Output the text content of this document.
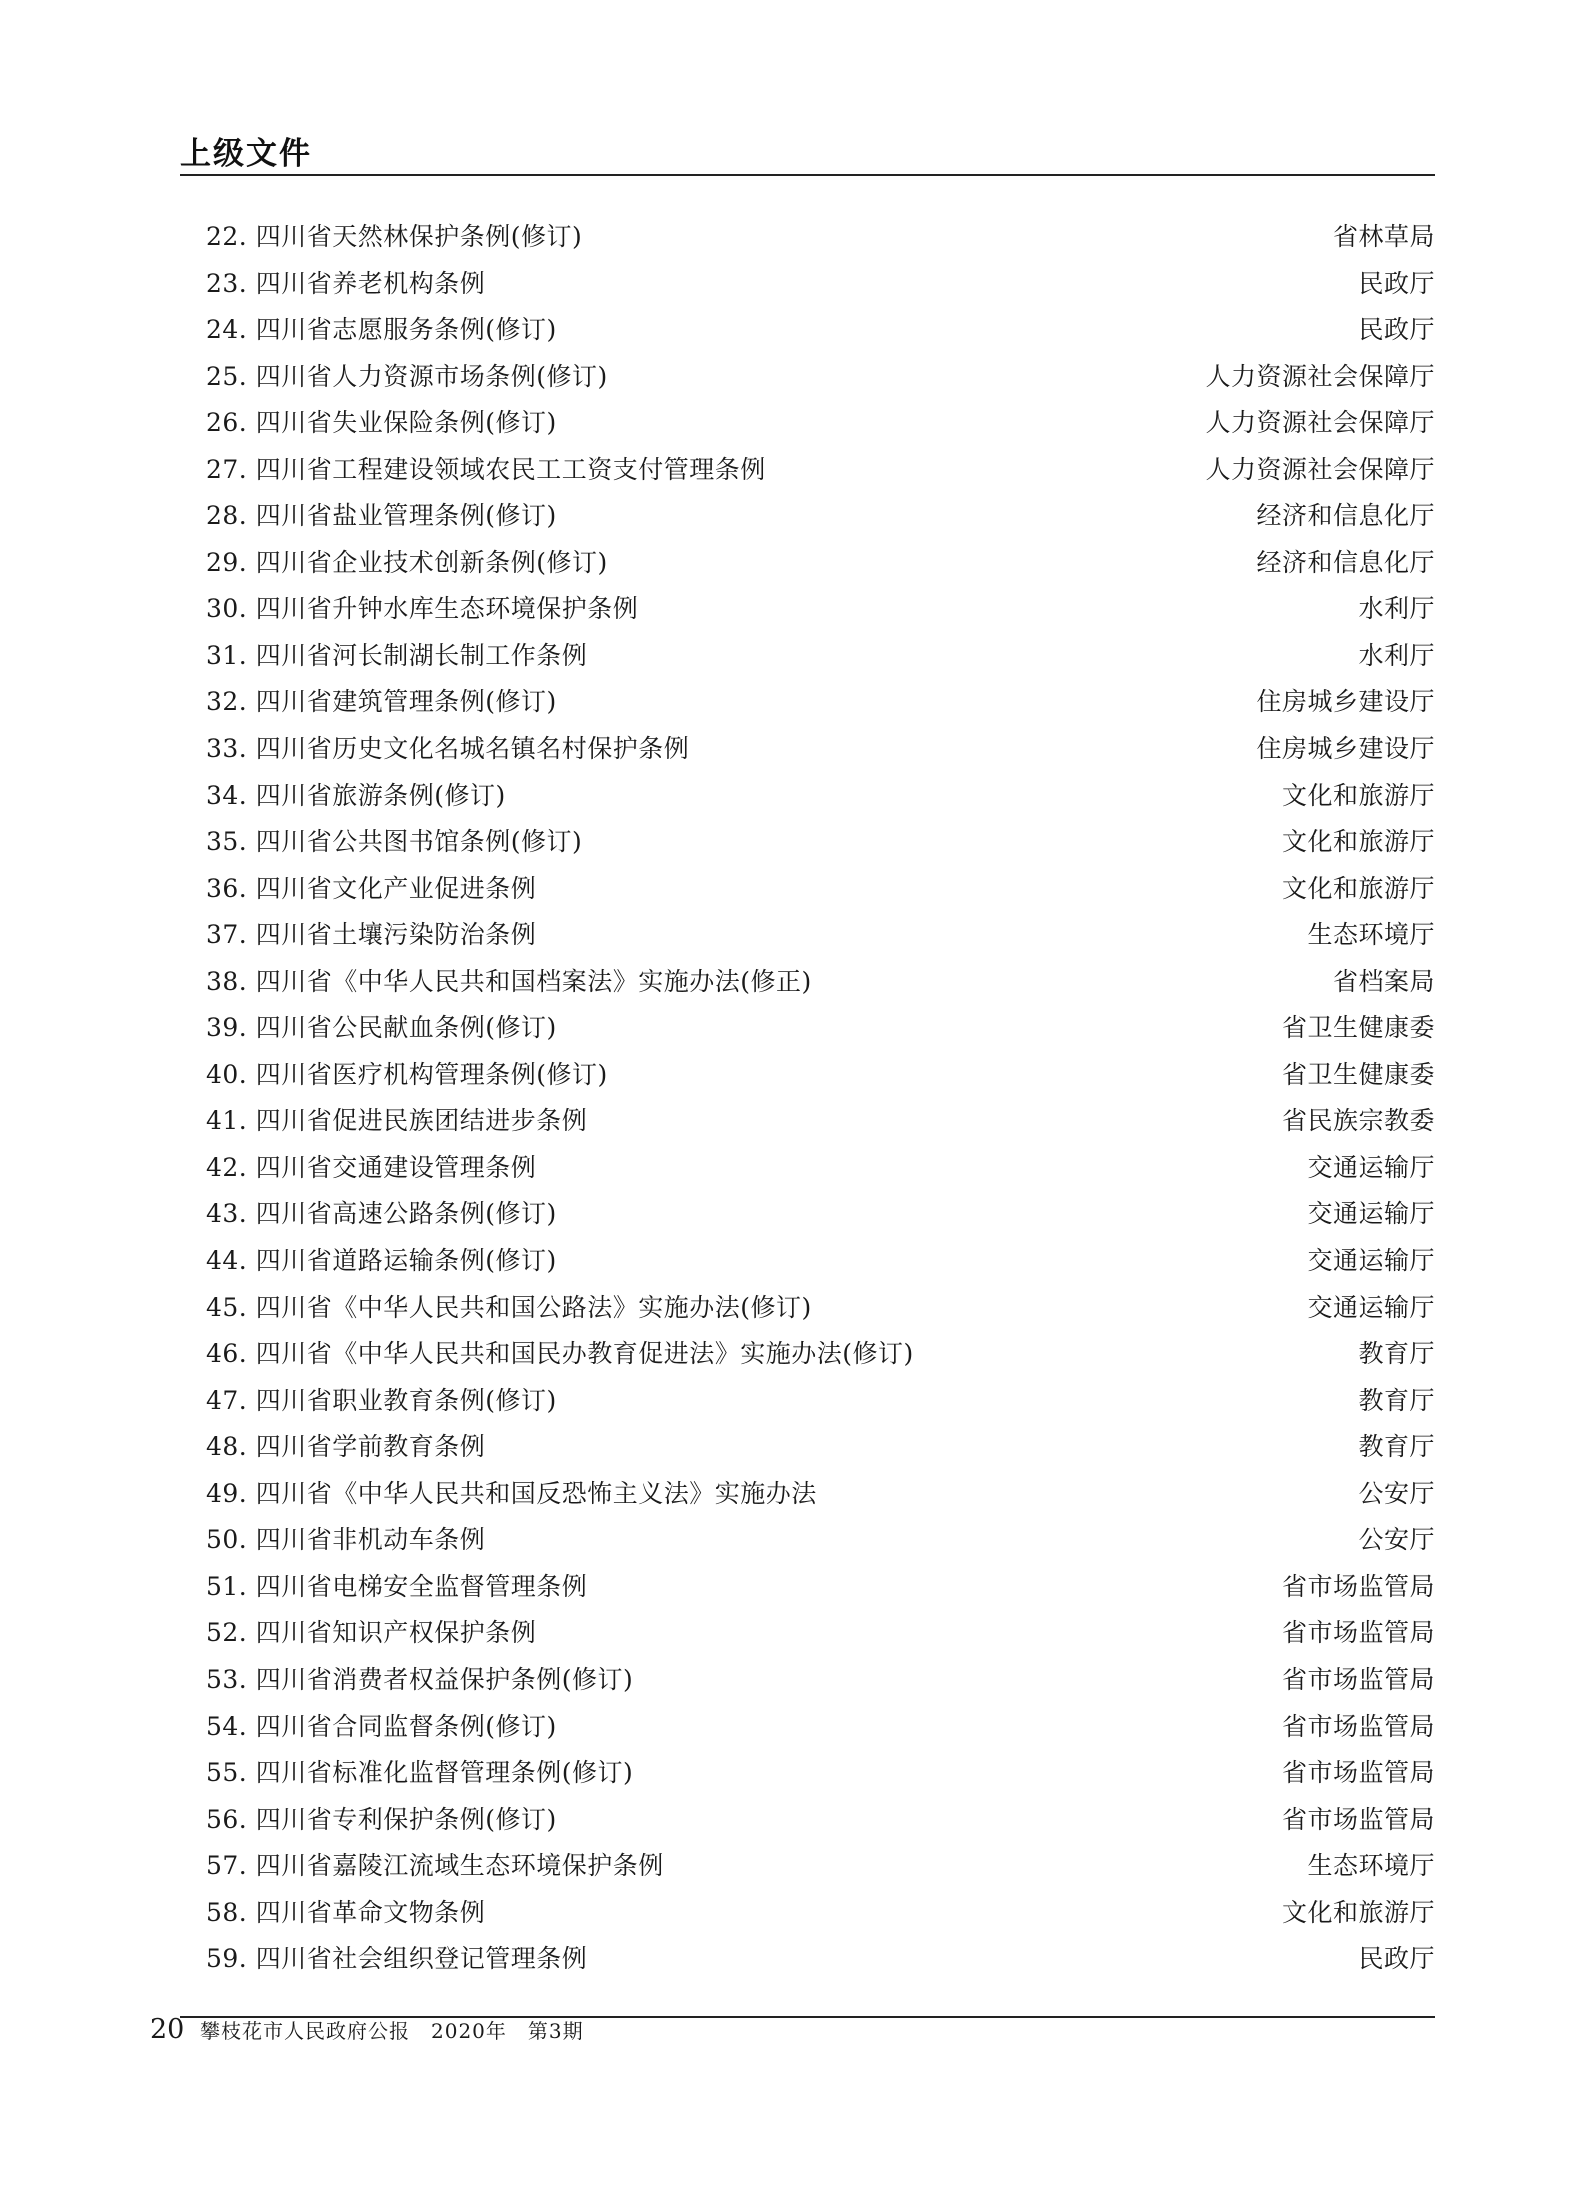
上级文件
22. 四川省天然林保护条例(修订)	省林草局
23. 四川省养老机构条例	民政厅
24. 四川省志愿服务条例(修订)	民政厅
25. 四川省人力资源市场条例(修订)	人力资源社会保障厅
26. 四川省失业保险条例(修订)	人力资源社会保障厅
27. 四川省工程建设领域农民工工资支付管理条例	人力资源社会保障厅
28. 四川省盐业管理条例(修订)	经济和信息化厅
29. 四川省企业技术创新条例(修订)	经济和信息化厅
30. 四川省升钟水库生态环境保护条例	水利厅
31. 四川省河长制湖长制工作条例	水利厅
32. 四川省建筑管理条例(修订)	住房城乡建设厅
33. 四川省历史文化名城名镇名村保护条例	住房城乡建设厅
34. 四川省旅游条例(修订)	文化和旅游厅
35. 四川省公共图书馆条例(修订)	文化和旅游厅
36. 四川省文化产业促进条例	文化和旅游厅
37. 四川省土壤污染防治条例	生态环境厅
38. 四川省《中华人民共和国档案法》实施办法(修正)	省档案局
39. 四川省公民献血条例(修订)	省卫生健康委
40. 四川省医疗机构管理条例(修订)	省卫生健康委
41. 四川省促进民族团结进步条例	省民族宗教委
42. 四川省交通建设管理条例	交通运输厅
43. 四川省高速公路条例(修订)	交通运输厅
44. 四川省道路运输条例(修订)	交通运输厅
45. 四川省《中华人民共和国公路法》实施办法(修订)	交通运输厅
46. 四川省《中华人民共和国民办教育促进法》实施办法(修订)	教育厅
47. 四川省职业教育条例(修订)	教育厅
48. 四川省学前教育条例	教育厅
49. 四川省《中华人民共和国反恐怖主义法》实施办法	公安厅
50. 四川省非机动车条例	公安厅
51. 四川省电梯安全监督管理条例	省市场监管局
52. 四川省知识产权保护条例	省市场监管局
53. 四川省消费者权益保护条例(修订)	省市场监管局
54. 四川省合同监督条例(修订)	省市场监管局
55. 四川省标准化监督管理条例(修订)	省市场监管局
56. 四川省专利保护条例(修订)	省市场监管局
57. 四川省嘉陵江流域生态环境保护条例	生态环境厅
58. 四川省革命文物条例	文化和旅游厅
59. 四川省社会组织登记管理条例	民政厅
20 攀枝花市人民政府公报　2020年　第3期
